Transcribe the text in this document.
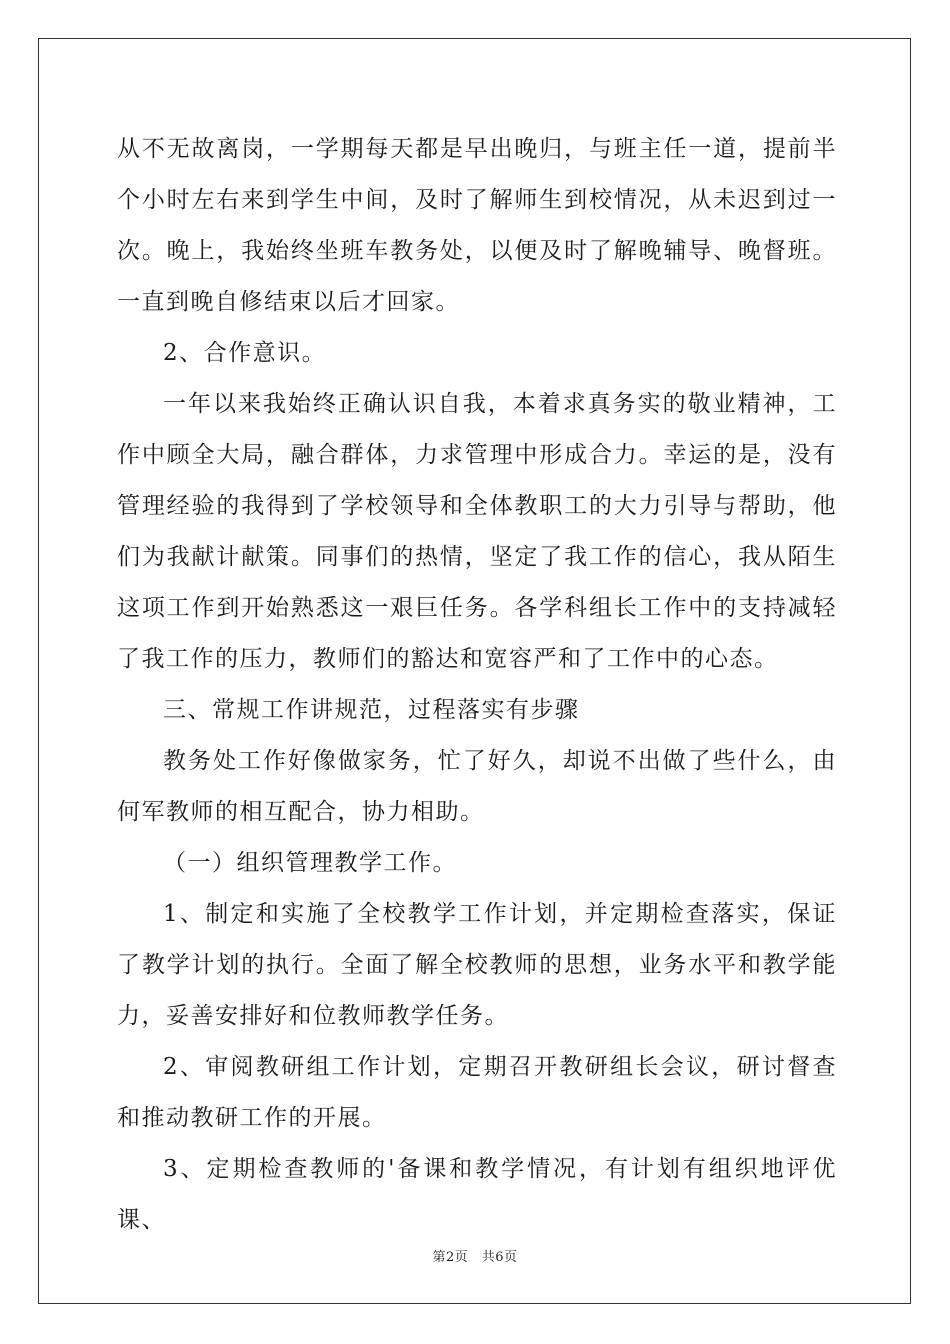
从不无故离岗，一学期每天都是早出晚归，与班主任一道，提前半个小时左右来到学生中间，及时了解师生到校情况，从未迟到过一次。晚上，我始终坐班车教务处，以便及时了解晚辅导、晚督班。一直到晚自修结束以后才回家。

2、合作意识。

一年以来我始终正确认识自我，本着求真务实的敬业精神，工作中顾全大局，融合群体，力求管理中形成合力。幸运的是，没有管理经验的我得到了学校领导和全体教职工的大力引导与帮助，他们为我献计献策。同事们的热情，坚定了我工作的信心，我从陌生这项工作到开始熟悉这一艰巨任务。各学科组长工作中的支持减轻了我工作的压力，教师们的豁达和宽容严和了工作中的心态。

三、常规工作讲规范，过程落实有步骤

教务处工作好像做家务，忙了好久，却说不出做了些什么，由何军教师的相互配合，协力相助。

（一）组织管理教学工作。

1、制定和实施了全校教学工作计划，并定期检查落实，保证了教学计划的执行。全面了解全校教师的思想，业务水平和教学能力，妥善安排好和位教师教学任务。

2、审阅教研组工作计划，定期召开教研组长会议，研讨督查和推动教研工作的开展。

3、定期检查教师的'备课和教学情况，有计划有组织地评优课、

第2页　共6页
